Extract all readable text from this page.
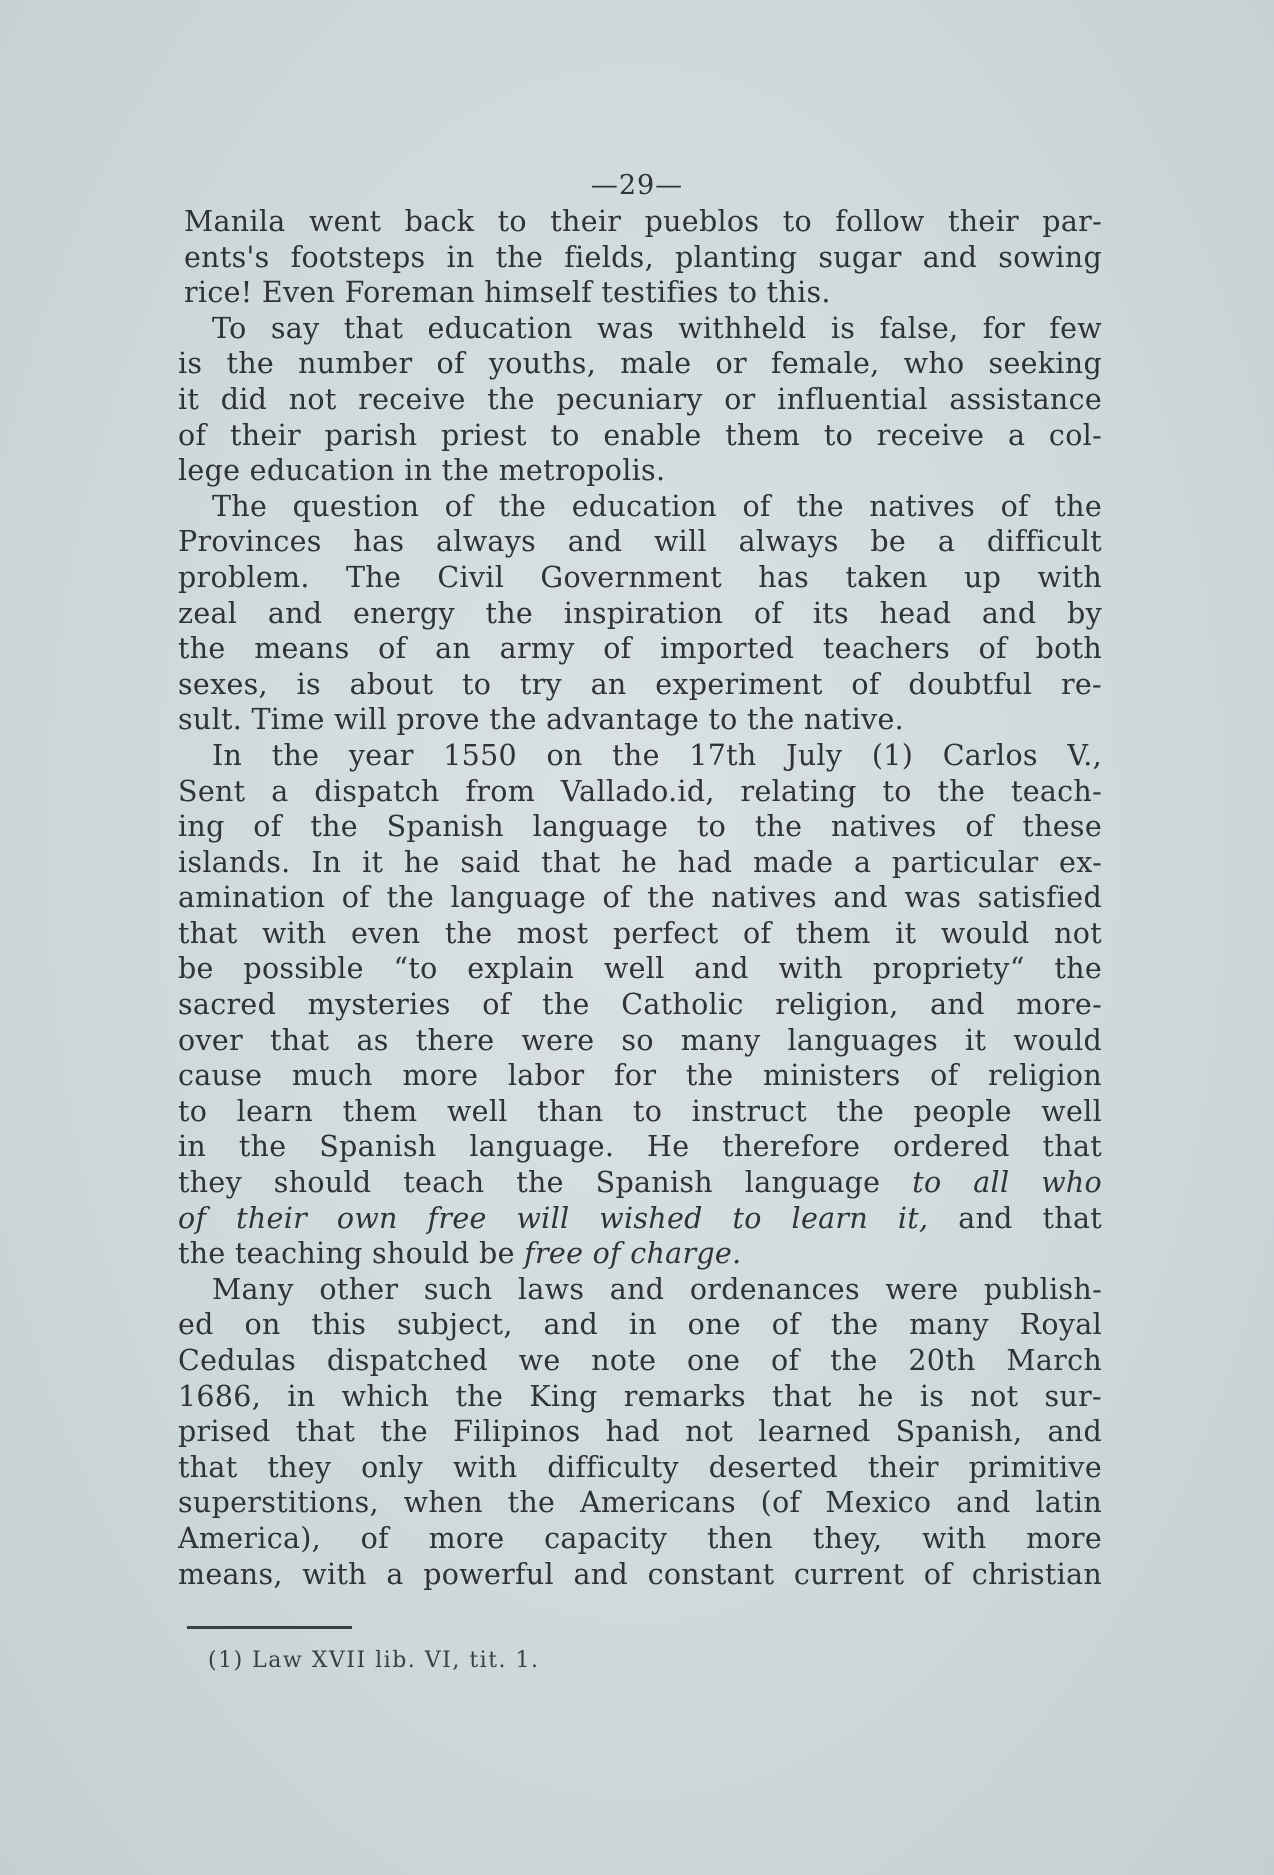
—29—
Manila went back to their pueblos to follow their par-
ents's footsteps in the fields, planting sugar and sowing
rice! Even Foreman himself testifies to this.
To say that education was withheld is false, for few
is the number of youths, male or female, who seeking
it did not receive the pecuniary or influential assistance
of their parish priest to enable them to receive a col-
lege education in the metropolis.
The question of the education of the natives of the
Provinces has always and will always be a difficult
problem. The Civil Government has taken up with
zeal and energy the inspiration of its head and by
the means of an army of imported teachers of both
sexes, is about to try an experiment of doubtful re-
sult. Time will prove the advantage to the native.
In the year 1550 on the 17th July (1) Carlos V.,
Sent a dispatch from Vallado.id, relating to the teach-
ing of the Spanish language to the natives of these
islands. In it he said that he had made a particular ex-
amination of the language of the natives and was satisfied
that with even the most perfect of them it would not
be possible “to explain well and with propriety“ the
sacred mysteries of the Catholic religion, and more-
over that as there were so many languages it would
cause much more labor for the ministers of religion
to learn them well than to instruct the people well
in the Spanish language. He therefore ordered that
they should teach the Spanish language to all who
of their own free will wished to learn it, and that
the teaching should be free of charge.
Many other such laws and ordenances were publish-
ed on this subject, and in one of the many Royal
Cedulas dispatched we note one of the 20th March
1686, in which the King remarks that he is not sur-
prised that the Filipinos had not learned Spanish, and
that they only with difficulty deserted their primitive
superstitions, when the Americans (of Mexico and latin
America), of more capacity then they, with more
means, with a powerful and constant current of christian
(1) Law XVII lib. VI, tit. 1.
